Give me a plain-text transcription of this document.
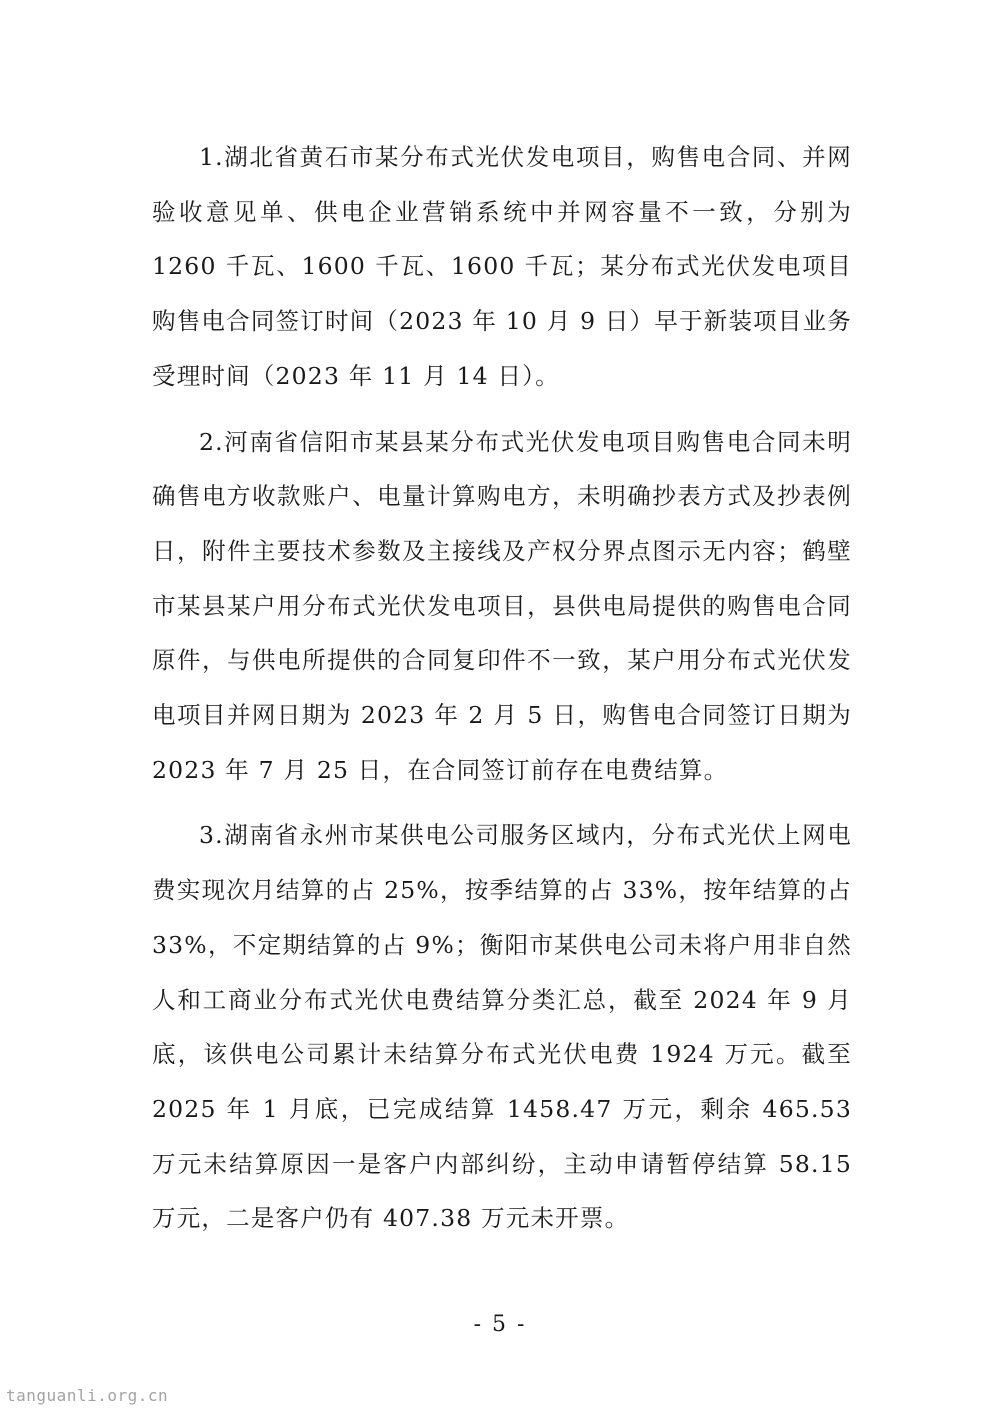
1.湖北省黄石市某分布式光伏发电项目，购售电合同、并网验收意见单、供电企业营销系统中并网容量不一致，分别为 1260 千瓦、1600 千瓦、1600 千瓦；某分布式光伏发电项目购售电合同签订时间（2023 年 10 月 9 日）早于新装项目业务受理时间（2023 年 11 月 14 日）。

2.河南省信阳市某县某分布式光伏发电项目购售电合同未明确售电方收款账户、电量计算购电方，未明确抄表方式及抄表例日，附件主要技术参数及主接线及产权分界点图示无内容；鹤壁市某县某户用分布式光伏发电项目，县供电局提供的购售电合同原件，与供电所提供的合同复印件不一致，某户用分布式光伏发电项目并网日期为 2023 年 2 月 5 日，购售电合同签订日期为 2023 年 7 月 25 日，在合同签订前存在电费结算。

3.湖南省永州市某供电公司服务区域内，分布式光伏上网电费实现次月结算的占 25%，按季结算的占 33%，按年结算的占 33%，不定期结算的占 9%；衡阳市某供电公司未将户用非自然人和工商业分布式光伏电费结算分类汇总，截至 2024 年 9 月底，该供电公司累计未结算分布式光伏电费 1924 万元。截至 2025 年 1 月底，已完成结算 1458.47 万元，剩余 465.53 万元未结算原因一是客户内部纠纷，主动申请暂停结算 58.15 万元，二是客户仍有 407.38 万元未开票。

- 5 -
tanguanli.org.cn
